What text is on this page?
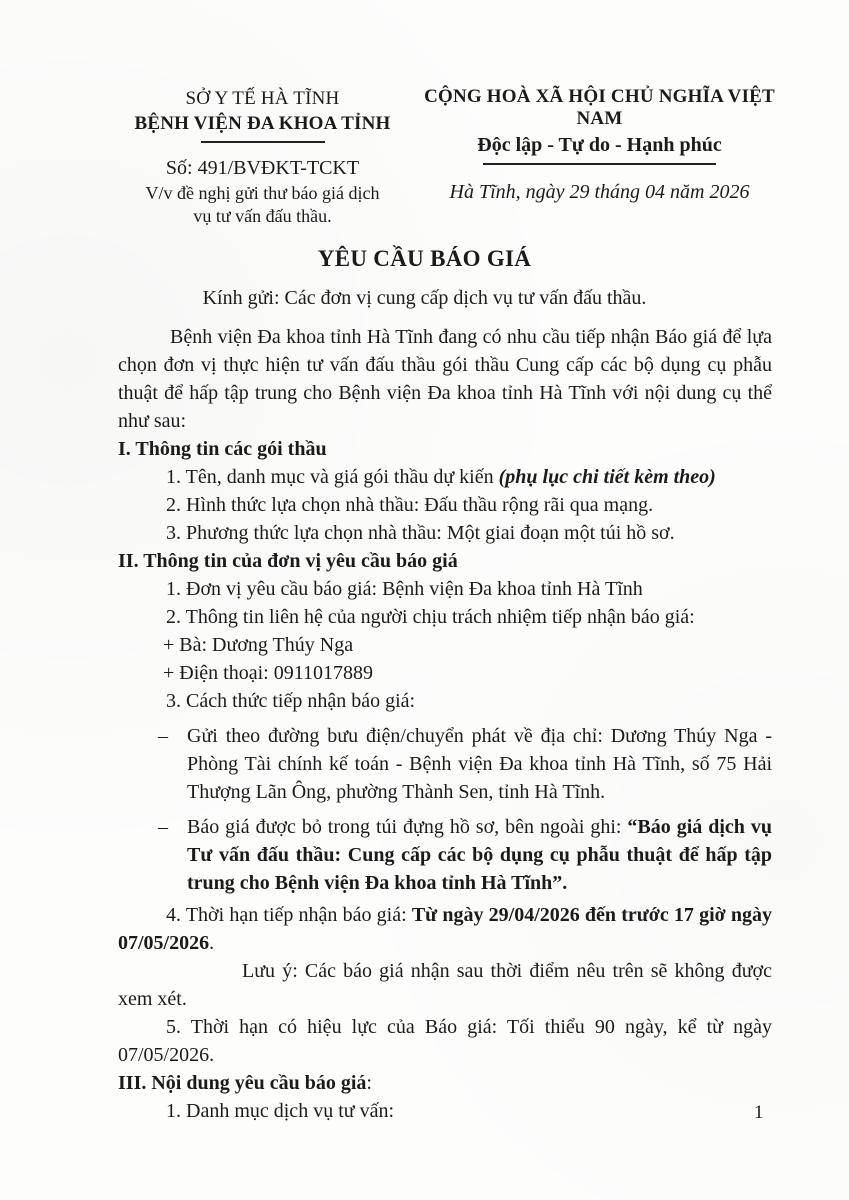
SỞ Y TẾ HÀ TĨNH
BỆNH VIỆN ĐA KHOA TỈNH
Số: 491/BVĐKT-TCKT
V/v đề nghị gửi thư báo giá dịch
vụ tư vấn đấu thầu.
CỘNG HOÀ XÃ HỘI CHỦ NGHĨA VIỆT NAM
Độc lập - Tự do - Hạnh phúc
Hà Tĩnh, ngày 29 tháng 04 năm 2026
YÊU CẦU BÁO GIÁ
Kính gửi: Các đơn vị cung cấp dịch vụ tư vấn đấu thầu.

Bệnh viện Đa khoa tỉnh Hà Tĩnh đang có nhu cầu tiếp nhận Báo giá để lựa chọn đơn vị thực hiện tư vấn đấu thầu gói thầu Cung cấp các bộ dụng cụ phẫu thuật để hấp tập trung cho Bệnh viện Đa khoa tỉnh Hà Tĩnh với nội dung cụ thể như sau:

I. Thông tin các gói thầu

1. Tên, danh mục và giá gói thầu dự kiến (phụ lục chi tiết kèm theo)

2. Hình thức lựa chọn nhà thầu: Đấu thầu rộng rãi qua mạng.

3. Phương thức lựa chọn nhà thầu: Một giai đoạn một túi hồ sơ.

II. Thông tin của đơn vị yêu cầu báo giá

1. Đơn vị yêu cầu báo giá: Bệnh viện Đa khoa tỉnh Hà Tĩnh

2. Thông tin liên hệ của người chịu trách nhiệm tiếp nhận báo giá:

+ Bà: Dương Thúy Nga

+ Điện thoại: 0911017889

3. Cách thức tiếp nhận báo giá:

– Gửi theo đường bưu điện/chuyển phát về địa chỉ: Dương Thúy Nga - Phòng Tài chính kế toán - Bệnh viện Đa khoa tỉnh Hà Tĩnh, số 75 Hải Thượng Lãn Ông, phường Thành Sen, tỉnh Hà Tĩnh.
– Báo giá được bỏ trong túi đựng hồ sơ, bên ngoài ghi: “Báo giá dịch vụ Tư vấn đấu thầu: Cung cấp các bộ dụng cụ phẫu thuật để hấp tập trung cho Bệnh viện Đa khoa tỉnh Hà Tĩnh”.

4. Thời hạn tiếp nhận báo giá: Từ ngày 29/04/2026 đến trước 17 giờ ngày 07/05/2026.

Lưu ý: Các báo giá nhận sau thời điểm nêu trên sẽ không được xem xét.

5. Thời hạn có hiệu lực của Báo giá: Tối thiểu 90 ngày, kể từ ngày 07/05/2026.

III. Nội dung yêu cầu báo giá:

1. Danh mục dịch vụ tư vấn:	1
